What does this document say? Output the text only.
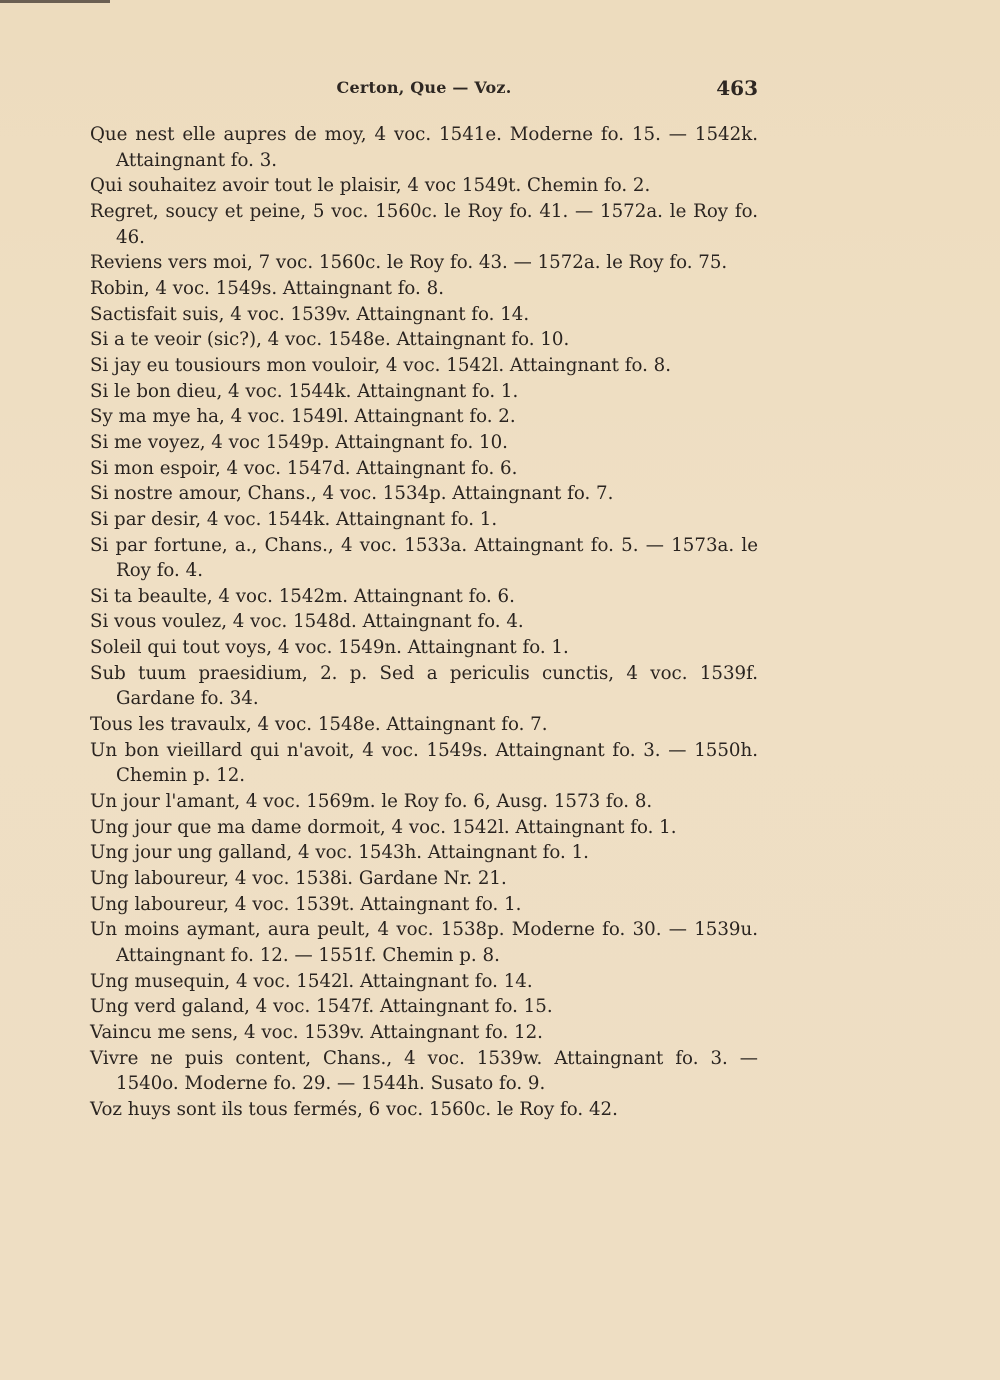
Certon, Que — Voz.	463
Que nest elle aupres de moy, 4 voc. 1541e. Moderne fo. 15. — 1542k. Attaingnant fo. 3.
Qui souhaitez avoir tout le plaisir, 4 voc 1549t. Chemin fo. 2.
Regret, soucy et peine, 5 voc. 1560c. le Roy fo. 41. — 1572a. le Roy fo. 46.
Reviens vers moi, 7 voc. 1560c. le Roy fo. 43. — 1572a. le Roy fo. 75.
Robin, 4 voc. 1549s. Attaingnant fo. 8.
Sactisfait suis, 4 voc. 1539v. Attaingnant fo. 14.
Si a te veoir (sic?), 4 voc. 1548e. Attaingnant fo. 10.
Si jay eu tousiours mon vouloir, 4 voc. 1542l. Attaingnant fo. 8.
Si le bon dieu, 4 voc. 1544k. Attaingnant fo. 1.
Sy ma mye ha, 4 voc. 1549l. Attaingnant fo. 2.
Si me voyez, 4 voc 1549p. Attaingnant fo. 10.
Si mon espoir, 4 voc. 1547d. Attaingnant fo. 6.
Si nostre amour, Chans., 4 voc. 1534p. Attaingnant fo. 7.
Si par desir, 4 voc. 1544k. Attaingnant fo. 1.
Si par fortune, a., Chans., 4 voc. 1533a. Attaingnant fo. 5. — 1573a. le Roy fo. 4.
Si ta beaulte, 4 voc. 1542m. Attaingnant fo. 6.
Si vous voulez, 4 voc. 1548d. Attaingnant fo. 4.
Soleil qui tout voys, 4 voc. 1549n. Attaingnant fo. 1.
Sub tuum praesidium, 2. p. Sed a periculis cunctis, 4 voc. 1539f. Gardane fo. 34.
Tous les travaulx, 4 voc. 1548e. Attaingnant fo. 7.
Un bon vieillard qui n'avoit, 4 voc. 1549s. Attaingnant fo. 3. — 1550h. Chemin p. 12.
Un jour l'amant, 4 voc. 1569m. le Roy fo. 6, Ausg. 1573 fo. 8.
Ung jour que ma dame dormoit, 4 voc. 1542l. Attaingnant fo. 1.
Ung jour ung galland, 4 voc. 1543h. Attaingnant fo. 1.
Ung laboureur, 4 voc. 1538i. Gardane Nr. 21.
Ung laboureur, 4 voc. 1539t. Attaingnant fo. 1.
Un moins aymant, aura peult, 4 voc. 1538p. Moderne fo. 30. — 1539u. Attaingnant fo. 12. — 1551f. Chemin p. 8.
Ung musequin, 4 voc. 1542l. Attaingnant fo. 14.
Ung verd galand, 4 voc. 1547f. Attaingnant fo. 15.
Vaincu me sens, 4 voc. 1539v. Attaingnant fo. 12.
Vivre ne puis content, Chans., 4 voc. 1539w. Attaingnant fo. 3. — 1540o. Moderne fo. 29. — 1544h. Susato fo. 9.
Voz huys sont ils tous fermés, 6 voc. 1560c. le Roy fo. 42.
